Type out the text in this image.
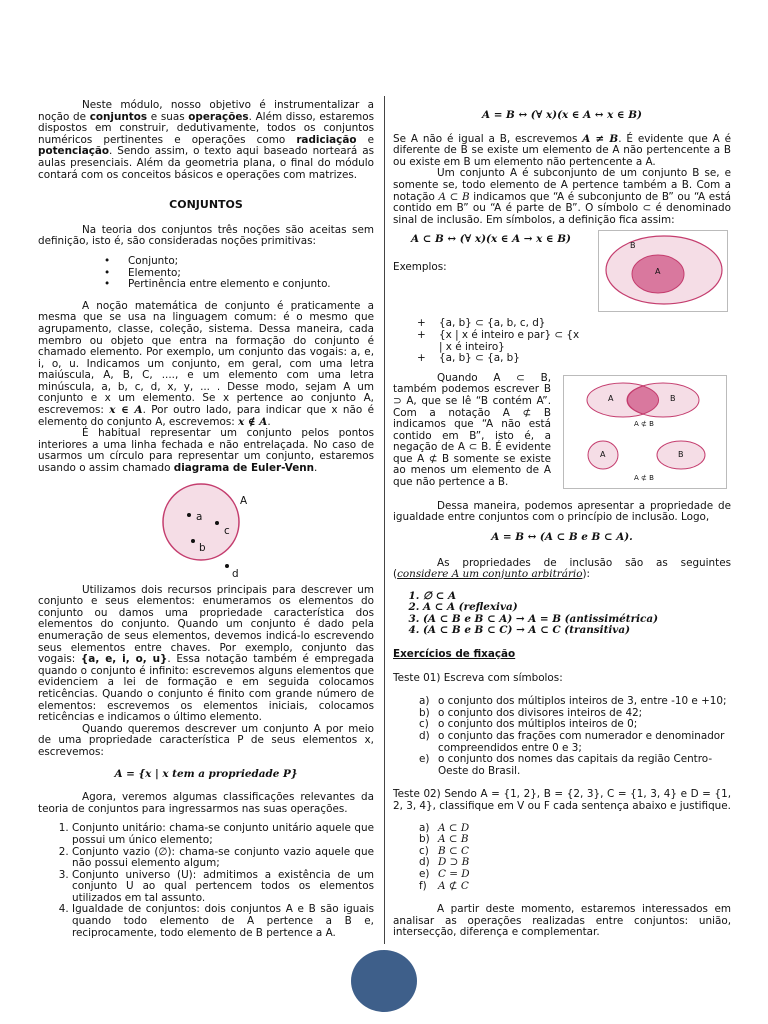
Neste módulo, nosso objetivo é instrumentalizar a noção de conjuntos e suas operações. Além disso, estaremos dispostos em construir, dedutivamente, todos os conjuntos numéricos pertinentes e operações como radiciação e potenciação. Sendo assim, o texto aqui baseado norteará as aulas presenciais. Além da geometria plana, o final do módulo contará com os conceitos básicos e operações com matrizes.

CONJUNTOS

Na teoria dos conjuntos três noções são aceitas sem definição, isto é, são consideradas noções primitivas:

• Conjunto;
• Elemento;
• Pertinência entre elemento e conjunto.

A noção matemática de conjunto é praticamente a mesma que se usa na linguagem comum: é o mesmo que agrupamento, classe, coleção, sistema. Dessa maneira, cada membro ou objeto que entra na formação do conjunto é chamado elemento. Por exemplo, um conjunto das vogais: a, e, i, o, u. Indicamos um conjunto, em geral, com uma letra maiúscula, A, B, C, ...., e um elemento com uma letra minúscula, a, b, c, d, x, y, ... . Desse modo, sejam A um conjunto e x um elemento. Se x pertence ao conjunto A, escrevemos: x ∈ A. Por outro lado, para indicar que x não é elemento do conjunto A, escrevemos: x ∉ A.

É habitual representar um conjunto pelos pontos interiores a uma linha fechada e não entrelaçada. No caso de usarmos um círculo para representar um conjunto, estaremos usando o assim chamado diagrama de Euler-Venn.

A
a
c
b
d

Utilizamos dois recursos principais para descrever um conjunto e seus elementos: enumeramos os elementos do conjunto ou damos uma propriedade característica dos elementos do conjunto. Quando um conjunto é dado pela enumeração de seus elementos, devemos indicá-lo escrevendo seus elementos entre chaves. Por exemplo, conjunto das vogais: {a, e, i, o, u}. Essa notação também é empregada quando o conjunto é infinito: escrevemos alguns elementos que evidenciem a lei de formação e em seguida colocamos reticências. Quando o conjunto é finito com grande número de elementos: escrevemos os elementos iniciais, colocamos reticências e indicamos o último elemento.

Quando queremos descrever um conjunto A por meio de uma propriedade característica P de seus elementos x, escrevemos:

A = {x | x tem a propriedade P}

Agora, veremos algumas classificações relevantes da teoria de conjuntos para ingressarmos nas suas operações.

1. Conjunto unitário: chama-se conjunto unitário aquele que possui um único elemento;
2. Conjunto vazio (∅): chama-se conjunto vazio aquele que não possui elemento algum;
3. Conjunto universo (U): admitimos a existência de um conjunto U ao qual pertencem todos os elementos utilizados em tal assunto.
4. Igualdade de conjuntos: dois conjuntos A e B são iguais quando todo elemento de A pertence a B e, reciprocamente, todo elemento de B pertence a A.

A = B ↔ (∀ x)(x ∈ A ↔ x ∈ B)

Se A não é igual a B, escrevemos A ≠ B. É evidente que A é diferente de B se existe um elemento de A não pertencente a B ou existe em B um elemento não pertencente a A.

Um conjunto A é subconjunto de um conjunto B se, e somente se, todo elemento de A pertence também a B. Com a notação A ⊂ B indicamos que “A é subconjunto de B” ou “A está contido em B” ou “A é parte de B”. O símbolo ⊂ é denominado sinal de inclusão. Em símbolos, a definição fica assim:

A ⊂ B ↔ (∀ x)(x ∈ A → x ∈ B)
Exemplos:
B
A
+ {a, b} ⊂ {a, b, c, d}
+ {x | x é inteiro e par} ⊂ {x | x é inteiro}
+ {a, b} ⊂ {a, b}

Quando A ⊂ B, também podemos escrever B ⊃ A, que se lê “B contém A”. Com a notação A ⊄ B indicamos que “A não está contido em B”, isto é, a negação de A ⊂ B. É evidente que A ⊄ B somente se existe ao menos um elemento de A que não pertence a B.

A	B
A ⊄ B
A	B
A ⊄ B

Dessa maneira, podemos apresentar a propriedade de igualdade entre conjuntos com o princípio de inclusão. Logo,

A = B ↔ (A ⊂ B e B ⊂ A).

As propriedades de inclusão são as seguintes (considere A um conjunto arbitrário):

1. ∅ ⊂ A
2. A ⊂ A (reflexiva)
3. (A ⊂ B e B ⊂ A) → A = B (antissimétrica)
4. (A ⊂ B e B ⊂ C) → A ⊂ C (transitiva)

Exercícios de fixação

Teste 01) Escreva com símbolos:

a) o conjunto dos múltiplos inteiros de 3, entre -10 e +10;
b) o conjunto dos divisores inteiros de 42;
c) o conjunto dos múltiplos inteiros de 0;
d) o conjunto das frações com numerador e denominador compreendidos entre 0 e 3;
e) o conjunto dos nomes das capitais da região Centro-Oeste do Brasil.

Teste 02) Sendo A = {1, 2}, B = {2, 3}, C = {1, 3, 4} e D = {1, 2, 3, 4}, classifique em V ou F cada sentença abaixo e justifique.

a) A ⊂ D
b) A ⊂ B
c) B ⊂ C
d) D ⊃ B
e) C = D
f) A ⊄ C

A partir deste momento, estaremos interessados em analisar as operações realizadas entre conjuntos: união, intersecção, diferença e complementar.
